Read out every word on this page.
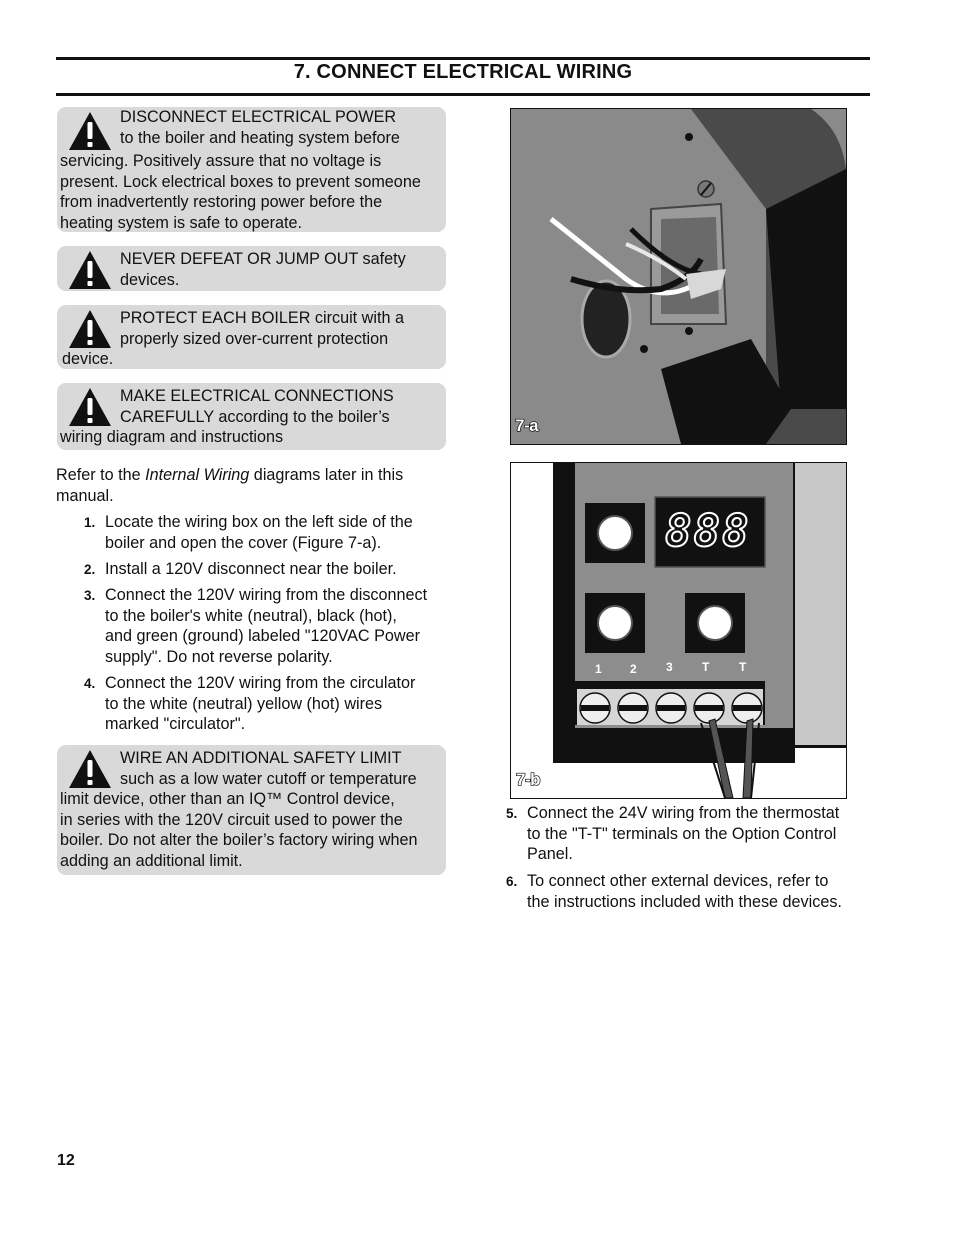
7. CONNECT ELECTRICAL WIRING

DISCONNECT ELECTRICAL POWER

to the boiler and heating system before

servicing. Positively assure that no voltage is

present. Lock electrical boxes to prevent someone

from inadvertently restoring power before the

heating system is safe to operate.

NEVER DEFEAT OR JUMP OUT safety

devices.

PROTECT EACH BOILER circuit with a

properly sized over-current protection

device.

MAKE ELECTRICAL CONNECTIONS

CAREFULLY according to the boiler’s

wiring diagram and instructions

Refer to the Internal Wiring diagrams later in this
manual.
1. Locate the wiring box on the left side of the
boiler and open the cover (Figure 7-a).
2. Install a 120V disconnect near the boiler.
3. Connect the 120V wiring from the disconnect
to the boiler's white (neutral), black (hot),
and green (ground) labeled "120VAC Power
supply". Do not reverse polarity.
4. Connect the 120V wiring from the circulator
to the white (neutral) yellow (hot) wires
marked "circulator".

WIRE AN ADDITIONAL SAFETY LIMIT

such as a low water cutoff or temperature

limit device, other than an IQ™ Control device,

in series with the 120V circuit used to power the

boiler. Do not alter the boiler’s factory wiring when

adding an additional limit.

7-a
888
1 2 3 T T
7-b
5. Connect the 24V wiring from the thermostat
to the "T-T" terminals on the Option Control
Panel.
6. To connect other external devices, refer to
the instructions included with these devices.
12
